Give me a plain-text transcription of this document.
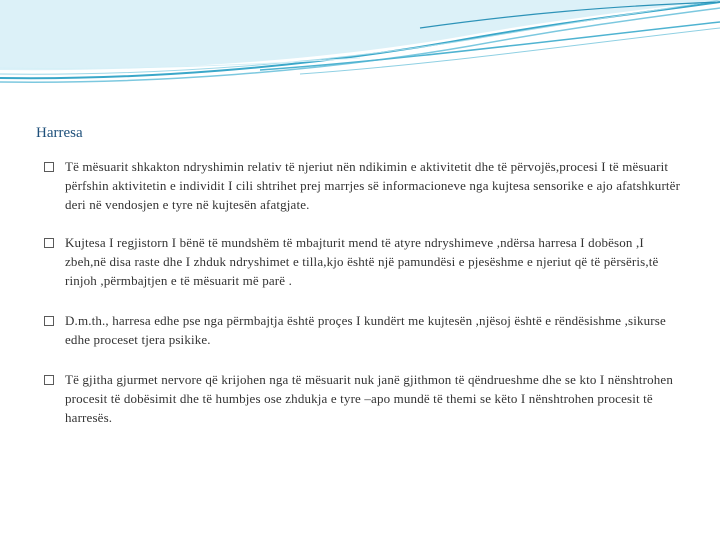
Harresa
Të mësuarit shkakton ndryshimin relativ të njeriut nën ndikimin e aktivitetit dhe të përvojës,procesi I të mësuarit përfshin aktivitetin e individit I cili shtrihet prej marrjes së informacioneve nga kujtesa sensorike e ajo afatshkurtër deri në vendosjen e tyre në kujtesën afatgjate.
Kujtesa I regjistorn I bënë të mundshëm të mbajturit mend të atyre ndryshimeve ,ndërsa harresa I dobëson ,I zbeh,në disa raste dhe I zhduk ndryshimet e tilla,kjo është një pamundësi e pjesëshme e njeriut që të përsëris,të rinjoh ,përmbajtjen e të mësuarit më parë .
D.m.th., harresa edhe pse nga përmbajtja është proçes I kundërt me kujtesën ,njësoj është e rëndësishme ,sikurse edhe proceset tjera psikike.
Të gjitha gjurmet nervore që krijohen nga të mësuarit nuk janë gjithmon të qëndrueshme dhe se kto I nënshtrohen procesit të dobësimit dhe të humbjes ose zhdukja e tyre –apo mundë të themi se këto I nënshtrohen procesit të harresës.
